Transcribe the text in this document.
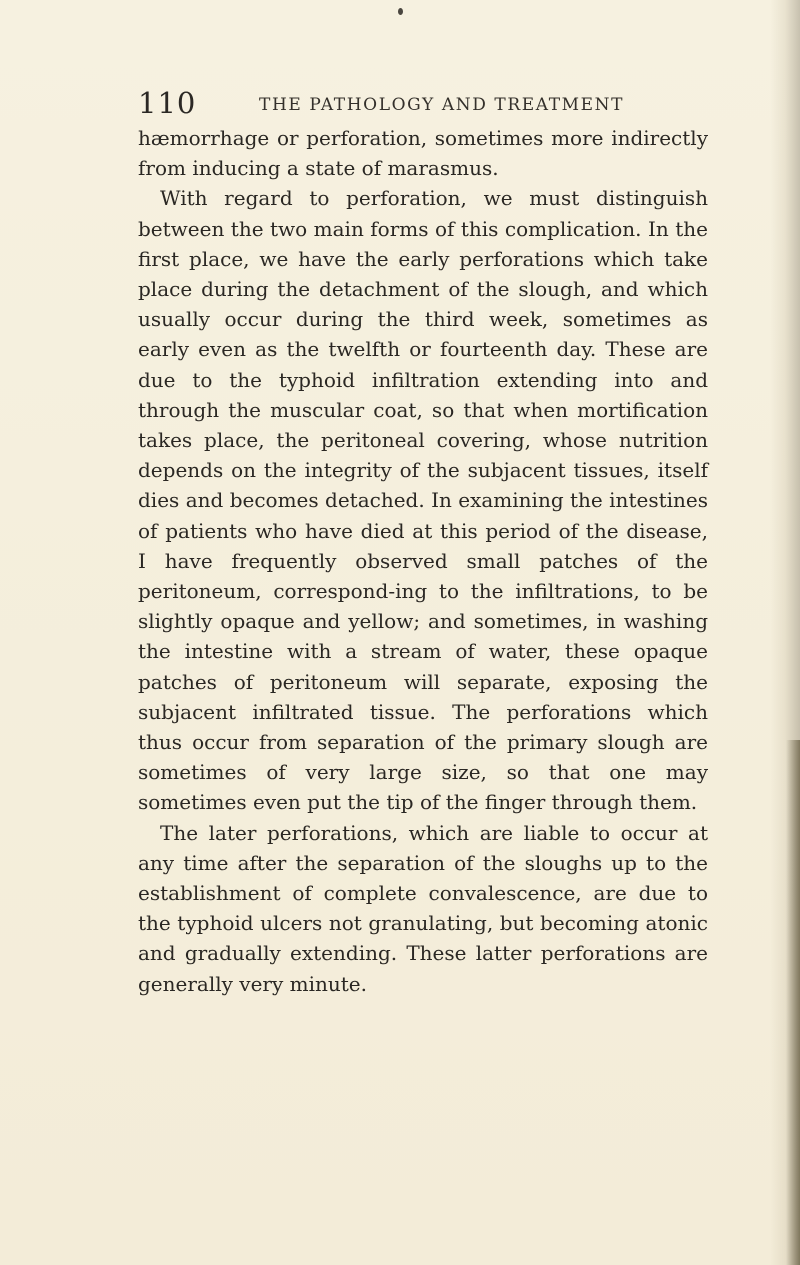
110	THE PATHOLOGY AND TREATMENT

hæmorrhage or perforation, sometimes more indirectly from inducing a state of marasmus.

With regard to perforation, we must distinguish between the two main forms of this complication. In the first place, we have the early perforations which take place during the detachment of the slough, and which usually occur during the third week, sometimes as early even as the twelfth or fourteenth day. These are due to the typhoid infiltration extending into and through the muscular coat, so that when mortification takes place, the peritoneal covering, whose nutrition depends on the integrity of the subjacent tissues, itself dies and becomes detached. In examining the intestines of patients who have died at this period of the disease, I have frequently observed small patches of the peritoneum, correspond-ing to the infiltrations, to be slightly opaque and yellow; and sometimes, in washing the intestine with a stream of water, these opaque patches of peritoneum will separate, exposing the subjacent infiltrated tissue. The perforations which thus occur from separation of the primary slough are sometimes of very large size, so that one may sometimes even put the tip of the finger through them.

The later perforations, which are liable to occur at any time after the separation of the sloughs up to the establishment of complete convalescence, are due to the typhoid ulcers not granulating, but becoming atonic and gradually extending. These latter perforations are generally very minute.
